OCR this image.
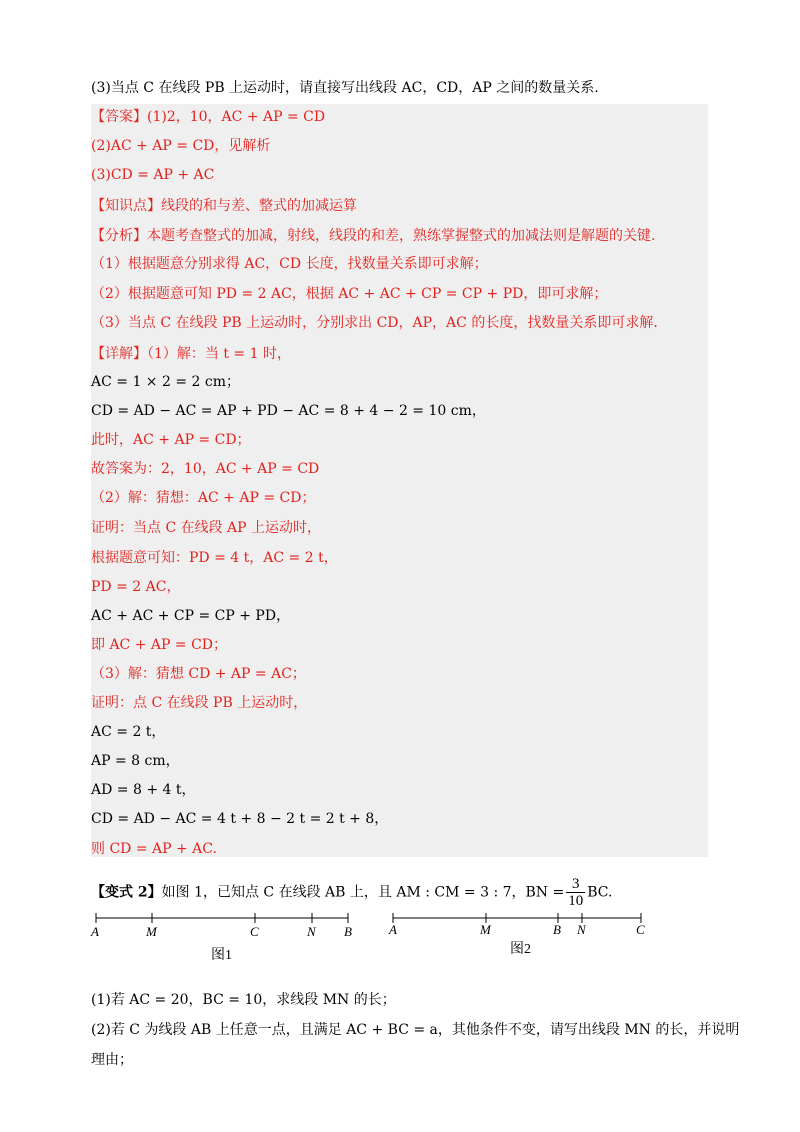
(3)当点 C 在线段 PB 上运动时，请直接写出线段 AC，CD，AP 之间的数量关系.
【答案】(1)2，10，AC + AP = CD
(2)AC + AP = CD，见解析
(3)CD = AP + AC
【知识点】线段的和与差、整式的加减运算
【分析】本题考查整式的加减，射线，线段的和差，熟练掌握整式的加减法则是解题的关键.
（1）根据题意分别求得 AC，CD 长度，找数量关系即可求解；
（2）根据题意可知 PD = 2 AC，根据 AC + AC + CP = CP + PD，即可求解；
（3）当点 C 在线段 PB 上运动时，分别求出 CD，AP，AC 的长度，找数量关系即可求解.
【详解】（1）解：当 t = 1 时，
AC = 1 × 2 = 2 cm；
CD = AD − AC = AP + PD − AC = 8 + 4 − 2 = 10 cm，
此时，AC + AP = CD；
故答案为：2，10，AC + AP = CD
（2）解：猜想：AC + AP = CD；
证明：当点 C 在线段 AP 上运动时，
根据题意可知：PD = 4 t，AC = 2 t，
PD = 2 AC，
AC + AC + CP = CP + PD，
即 AC + AP = CD；
（3）解：猜想 CD + AP = AC；
证明：点 C 在线段 PB 上运动时，
AC = 2 t，
AP = 8 cm，
AD = 8 + 4 t，
CD = AD − AC = 4 t + 8 − 2 t = 2 t + 8，
则 CD = AP + AC.
【变式 2】如图 1，已知点 C 在线段 AB 上，且 AM : CM = 3 : 7，BN = $\frac{3}{10}$ BC.
A	M	C	N B
图1
A	M	B N	C
图2
(1)若 AC = 20，BC = 10，求线段 MN 的长；
(2)若 C 为线段 AB 上任意一点，且满足 AC + BC = a，其他条件不变，请写出线段 MN 的长，并说明
理由；
